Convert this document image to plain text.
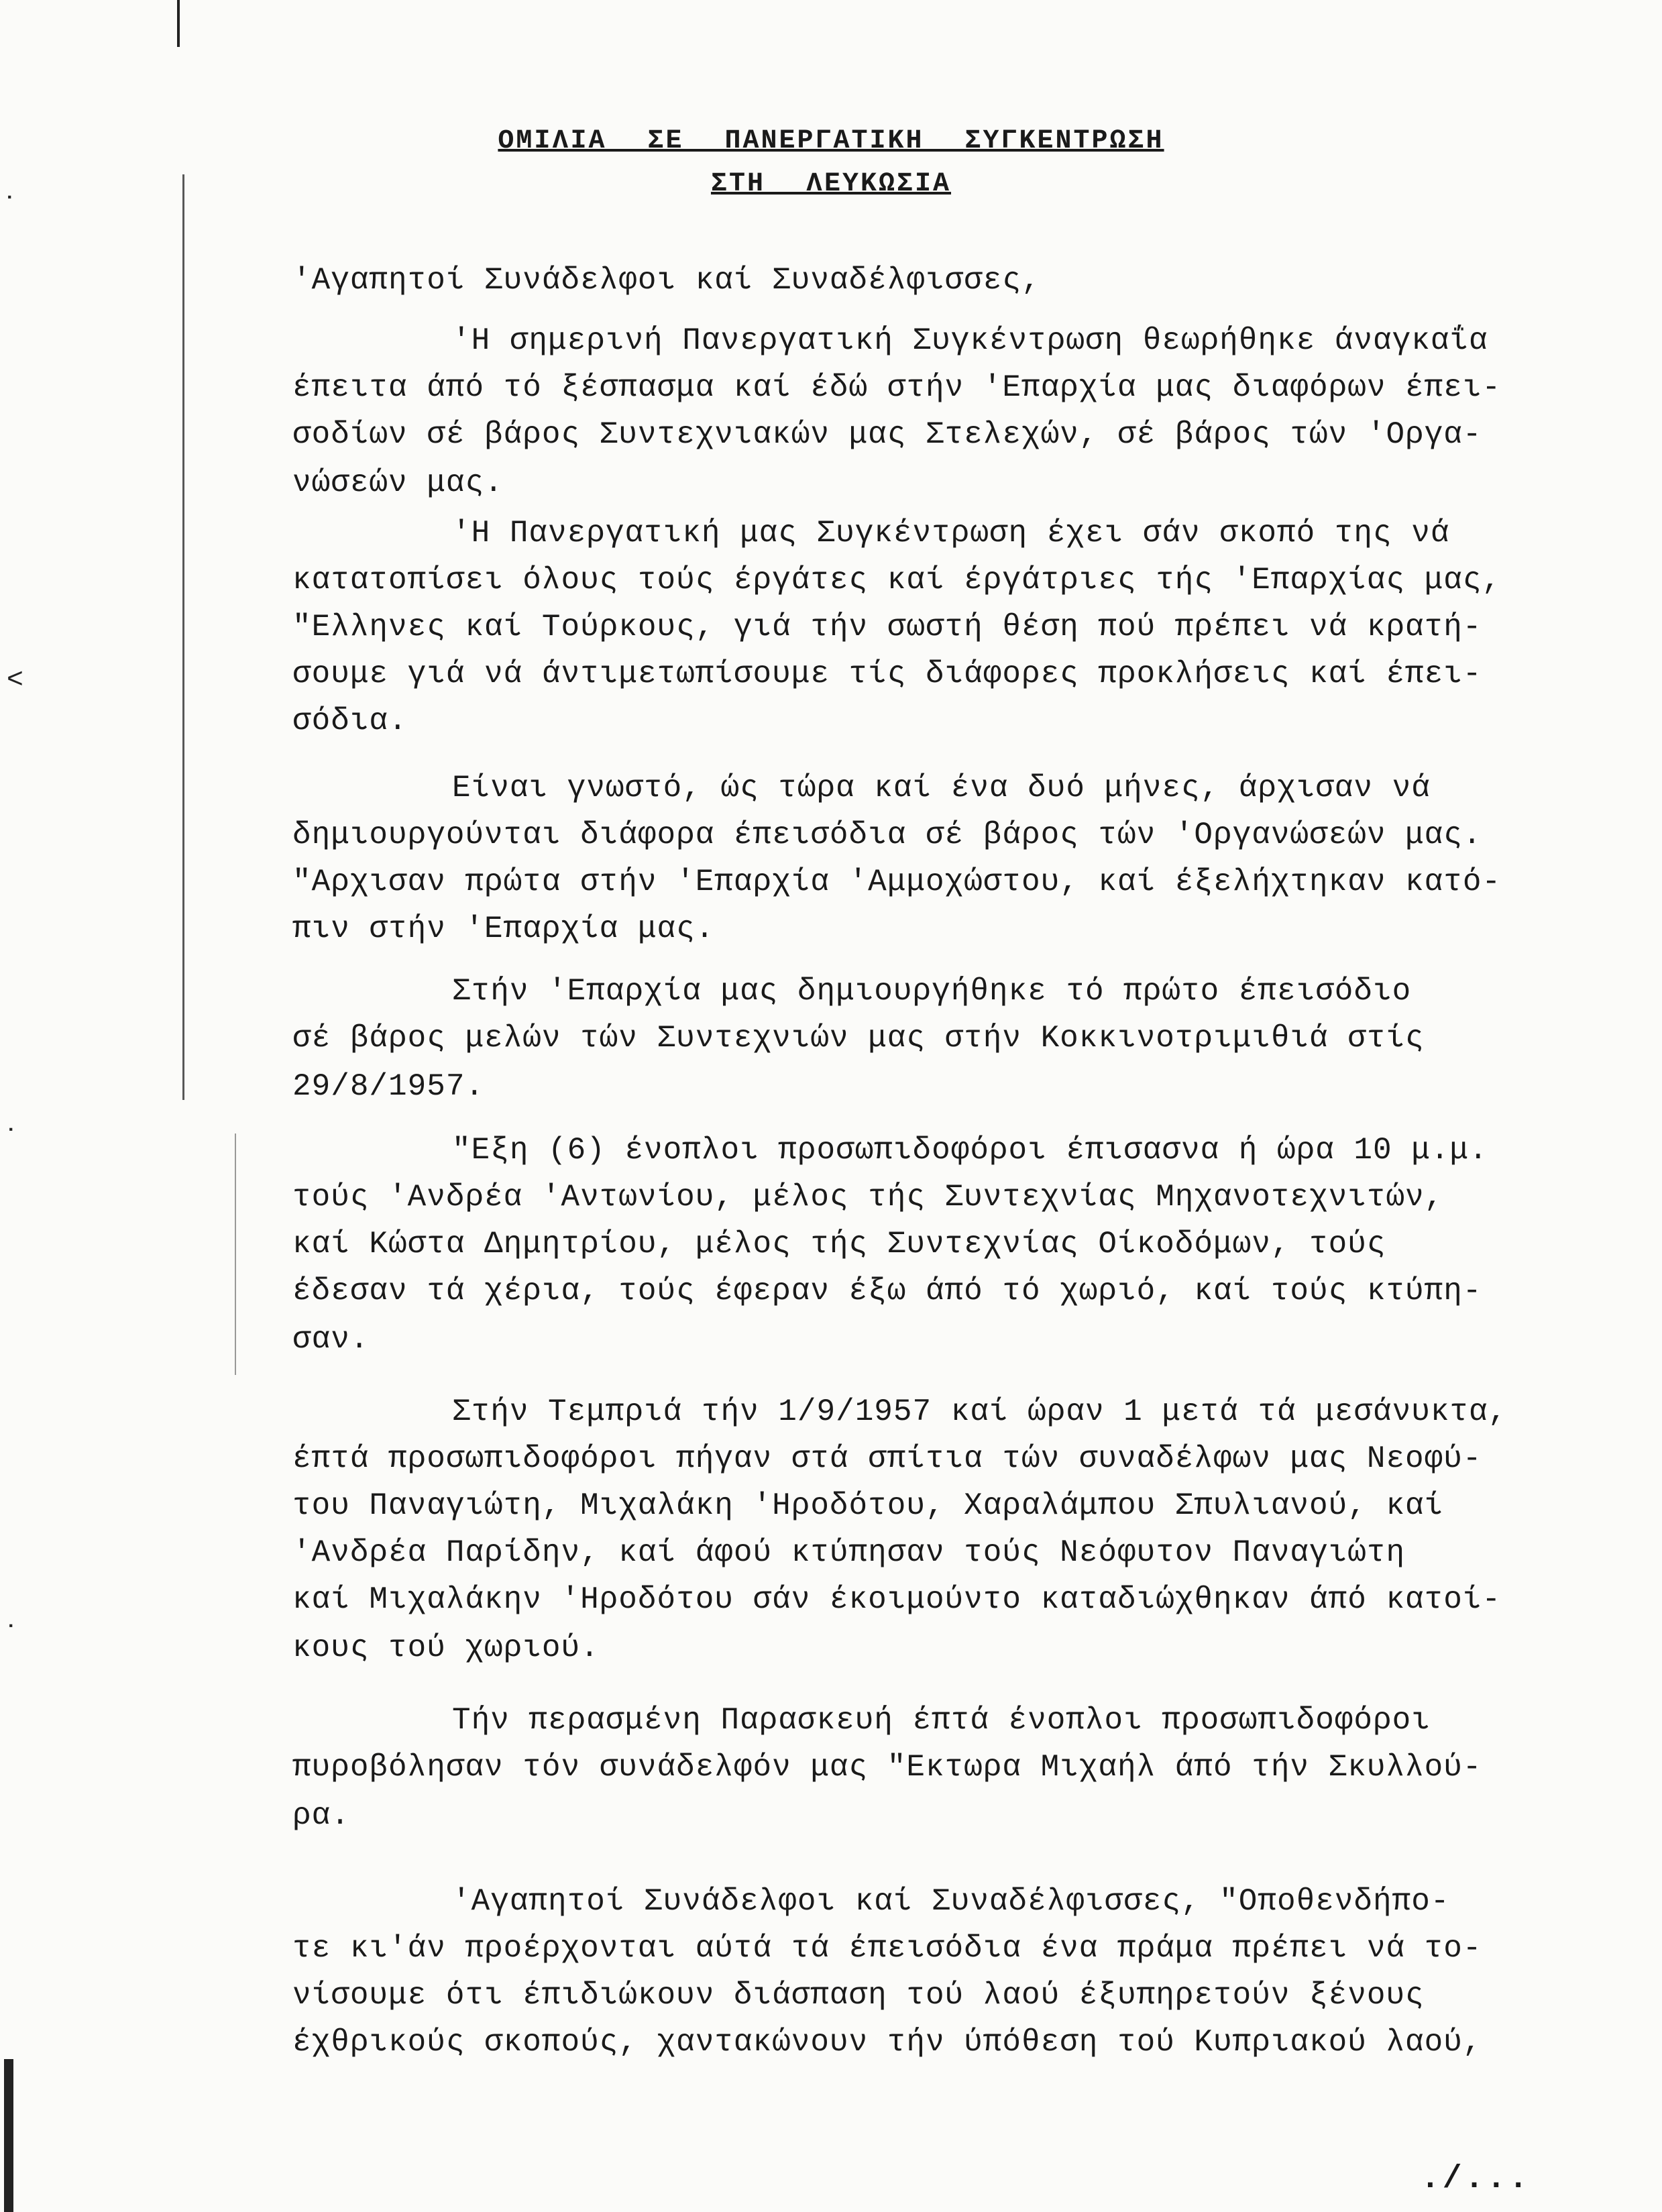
ᐧ
˂
ᐧ
ᐧ
ΟΜΙΛΙΑ ΣΕ ΠΑΝΕΡΓΑΤΙΚΗ ΣΥΓΚΕΝΤΡΩΣΗ
ΣΤΗ ΛΕΥΚΩΣΙΑ
'Αγαπητοί Συνάδελφοι καί Συναδέλφισσες,
'Η σημερινή Πανεργατική Συγκέντρωση θεωρήθηκε άναγκαΐα
έπειτα άπό τό ξέσπασμα καί έδώ στήν 'Επαρχία μας διαφόρων έπει-
σοδίων σέ βάρος Συντεχνιακών μας Στελεχών, σέ βάρος τών 'Οργα-
νώσεών μας.
'Η Πανεργατική μας Συγκέντρωση έχει σάν σκοπό της νά
κατατοπίσει όλους τούς έργάτες καί έργάτριες τής 'Επαρχίας μας,
"Ελληνες καί Τούρκους, γιά τήν σωστή θέση πού πρέπει νά κρατή-
σουμε γιά νά άντιμετωπίσουμε τίς διάφορες προκλήσεις καί έπει-
σόδια.
Είναι γνωστό, ώς τώρα καί ένα δυό μήνες, άρχισαν νά
δημιουργούνται διάφορα έπεισόδια σέ βάρος τών 'Οργανώσεών μας.
"Αρχισαν πρώτα στήν 'Επαρχία 'Αμμοχώστου, καί έξελήχτηκαν κατό-
πιν στήν 'Επαρχία μας.
Στήν 'Επαρχία μας δημιουργήθηκε τό πρώτο έπεισόδιο
σέ βάρος μελών τών Συντεχνιών μας στήν Κοκκινοτριμιθιά στίς
29/8/1957.
"Εξη (6) ένοπλοι προσωπιδοφόροι έπισασνα ή ώρα 10 μ.μ.
τούς 'Ανδρέα 'Αντωνίου, μέλος τής Συντεχνίας Μηχανοτεχνιτών,
καί Κώστα Δημητρίου, μέλος τής Συντεχνίας Οίκοδόμων, τούς
έδεσαν τά χέρια, τούς έφεραν έξω άπό τό χωριό, καί τούς κτύπη-
σαν.
Στήν Τεμπριά τήν 1/9/1957 καί ώραν 1 μετά τά μεσάνυκτα,
έπτά προσωπιδοφόροι πήγαν στά σπίτια τών συναδέλφων μας Νεοφύ-
του Παναγιώτη, Μιχαλάκη 'Ηροδότου, Χαραλάμπου Σπυλιανού, καί
'Ανδρέα Παρίδην, καί άφού κτύπησαν τούς Νεόφυτον Παναγιώτη
καί Μιχαλάκην 'Ηροδότου σάν έκοιμούντο καταδιώχθηκαν άπό κατοί-
κους τού χωριού.
Τήν περασμένη Παρασκευή έπτά ένοπλοι προσωπιδοφόροι
πυροβόλησαν τόν συνάδελφόν μας "Εκτωρα Μιχαήλ άπό τήν Σκυλλού-
ρα.
'Αγαπητοί Συνάδελφοι καί Συναδέλφισσες, "Οποθενδήπο-
τε κι'άν προέρχονται αύτά τά έπεισόδια ένα πράμα πρέπει νά το-
νίσουμε ότι έπιδιώκουν διάσπαση τού λαού έξυπηρετούν ξένους
έχθρικούς σκοπούς, χαντακώνουν τήν ύπόθεση τού Κυπριακού λαού,
./...
